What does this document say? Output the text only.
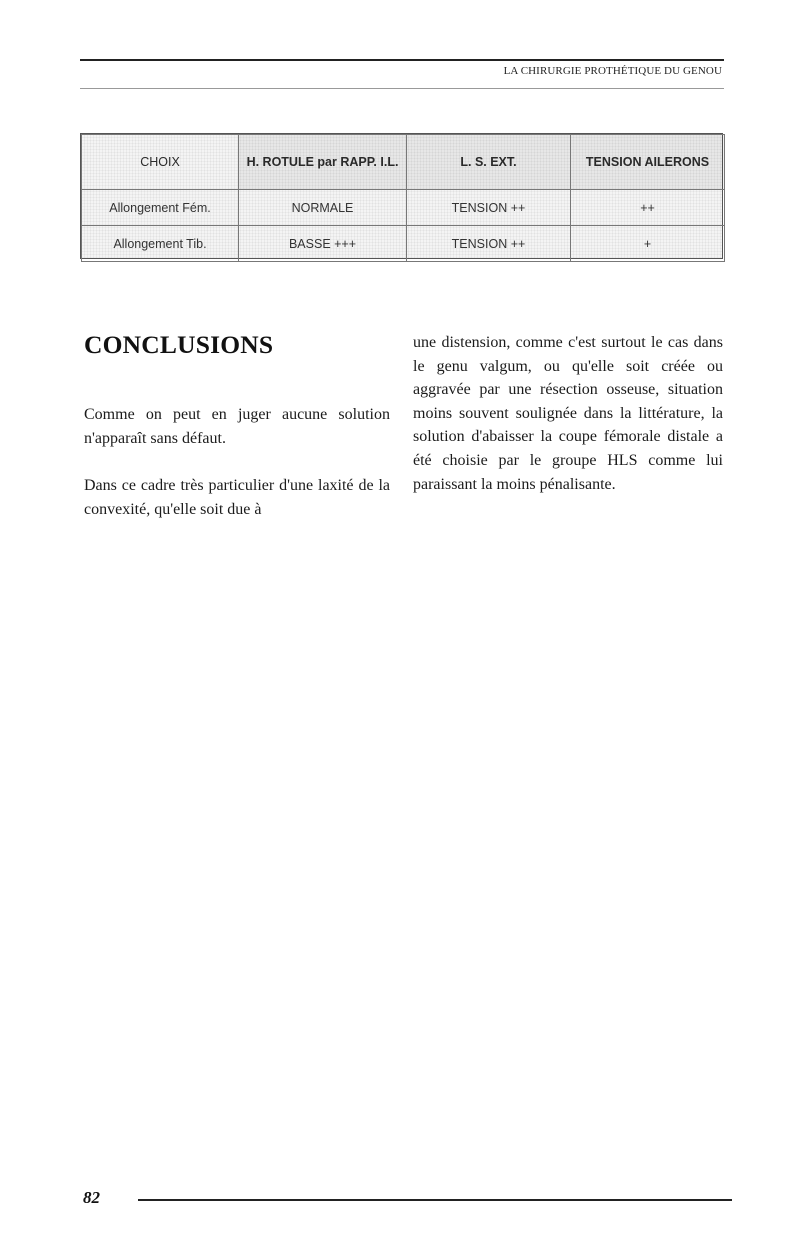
LA CHIRURGIE PROTHÉTIQUE DU GENOU
CHOIX	H. ROTULE par RAPP. I.L.	L. S. EXT.	TENSION AILERONS
Allongement Fém.	NORMALE	TENSION ++	++
Allongement Tib.	BASSE +++	TENSION ++	+
CONCLUSIONS

Comme on peut en juger aucune solution n'apparaît sans défaut.

Dans ce cadre très particulier d'une laxité de la convexité, qu'elle soit due à

une distension, comme c'est surtout le cas dans le genu valgum, ou qu'elle soit créée ou aggravée par une résection osseuse, situation moins souvent soulignée dans la littérature, la solution d'abaisser la coupe fémorale distale a été choisie par le groupe HLS comme lui paraissant la moins pénalisante.

82
